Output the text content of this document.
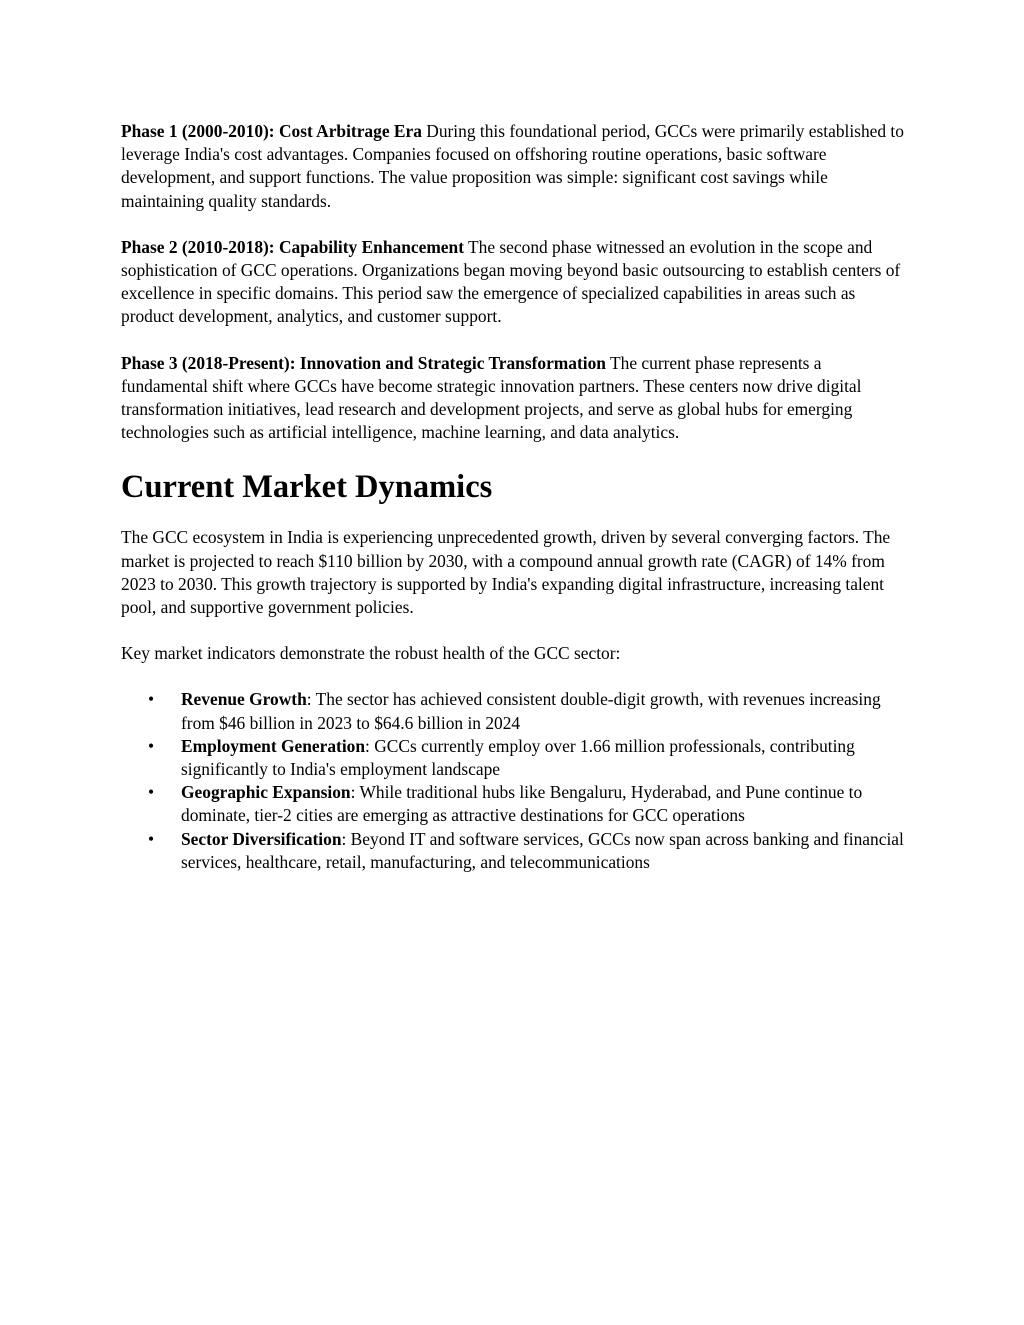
Phase 1 (2000-2010): Cost Arbitrage Era During this foundational period, GCCs were primarily established to leverage India's cost advantages. Companies focused on offshoring routine operations, basic software development, and support functions. The value proposition was simple: significant cost savings while maintaining quality standards.

Phase 2 (2010-2018): Capability Enhancement The second phase witnessed an evolution in the scope and sophistication of GCC operations. Organizations began moving beyond basic outsourcing to establish centers of excellence in specific domains. This period saw the emergence of specialized capabilities in areas such as product development, analytics, and customer support.

Phase 3 (2018-Present): Innovation and Strategic Transformation The current phase represents a fundamental shift where GCCs have become strategic innovation partners. These centers now drive digital transformation initiatives, lead research and development projects, and serve as global hubs for emerging technologies such as artificial intelligence, machine learning, and data analytics.

Current Market Dynamics

The GCC ecosystem in India is experiencing unprecedented growth, driven by several converging factors. The market is projected to reach $110 billion by 2030, with a compound annual growth rate (CAGR) of 14% from 2023 to 2030. This growth trajectory is supported by India's expanding digital infrastructure, increasing talent pool, and supportive government policies.

Key market indicators demonstrate the robust health of the GCC sector:

• Revenue Growth: The sector has achieved consistent double-digit growth, with revenues increasing from $46 billion in 2023 to $64.6 billion in 2024
• Employment Generation: GCCs currently employ over 1.66 million professionals, contributing significantly to India's employment landscape
• Geographic Expansion: While traditional hubs like Bengaluru, Hyderabad, and Pune continue to dominate, tier-2 cities are emerging as attractive destinations for GCC operations
• Sector Diversification: Beyond IT and software services, GCCs now span across banking and financial services, healthcare, retail, manufacturing, and telecommunications
